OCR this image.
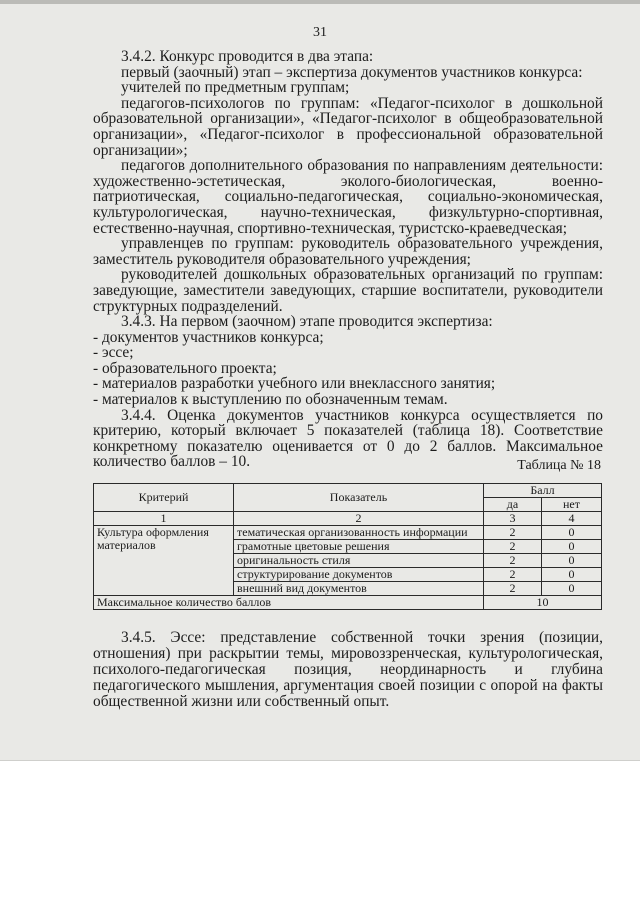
31

3.4.2. Конкурс проводится в два этапа:

первый (заочный) этап – экспертиза документов участников конкурса:

учителей по предметным группам;

педагогов-психологов по группам: «Педагог-психолог в дошкольной образовательной организации», «Педагог-психолог в общеобразовательной организации», «Педагог-психолог в профессиональной образовательной организации»;

педагогов дополнительного образования по направлениям деятельности: художественно-эстетическая, эколого-биологическая, военно-патриотическая, социально-педагогическая, социально-экономическая, культурологическая, научно-техническая, физкультурно-спортивная, естественно-научная, спортивно-техническая, туристско-краеведческая;

управленцев по группам: руководитель образовательного учреждения, заместитель руководителя образовательного учреждения;

руководителей дошкольных образовательных организаций по группам: заведующие, заместители заведующих, старшие воспитатели, руководители структурных подразделений.

3.4.3. На первом (заочном) этапе проводится экспертиза:

- документов участников конкурса;

- эссе;

- образовательного проекта;

- материалов разработки учебного или внеклассного занятия;

- материалов к выступлению по обозначенным темам.

3.4.4. Оценка документов участников конкурса осуществляется по критерию, который включает 5 показателей (таблица 18). Соответствие конкретному показателю оценивается от 0 до 2 баллов. Максимальное количество баллов – 10.	Таблица № 18
Критерий	Показатель	Балл	
		да	нет
1	2	3	4
Культура оформления материалов	тематическая организованность информации	2	0
	грамотные цветовые решения	2	0
	оригинальность стиля	2	0
	структурирование документов	2	0
	внешний вид документов	2	0
Максимальное количество баллов		10	

3.4.5. Эссе: представление собственной точки зрения (позиции, отношения) при раскрытии темы, мировоззренческая, культурологическая, психолого-педагогическая позиция, неординарность и глубина педагогического мышления, аргументация своей позиции с опорой на факты общественной жизни или собственный опыт.
